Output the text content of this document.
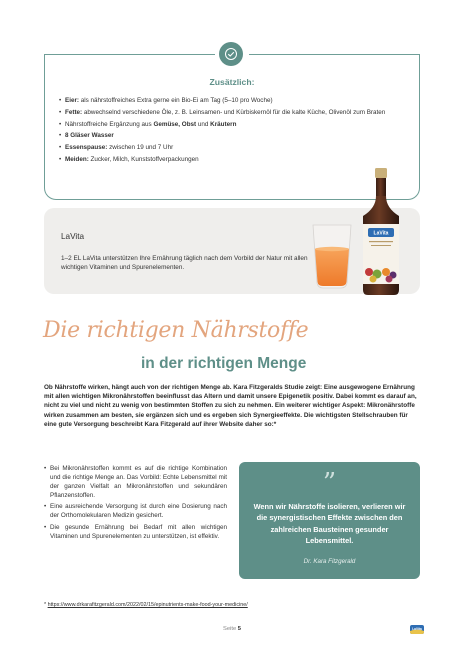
Zusätzlich:
• Eier: als nährstoffreiches Extra gerne ein Bio-Ei am Tag (5–10 pro Woche)
• Fette: abwechselnd verschiedene Öle, z. B. Leinsamen- und Kürbiskernöl für die kalte Küche, Olivenöl zum Braten
• Nährstoffreiche Ergänzung aus Gemüse, Obst und Kräutern
• 8 Gläser Wasser
• Essenspause: zwischen 19 und 7 Uhr
• Meiden: Zucker, Milch, Kunststoffverpackungen
LaVita
1–2 EL LaVita unterstützen Ihre Ernährung täglich nach dem Vorbild der Natur mit allen wichtigen Vitaminen und Spurenelementen.
LaVita
Die richtigen Nährstoffe
in der richtigen Menge

Ob Nährstoffe wirken, hängt auch von der richtigen Menge ab. Kara Fitzgeralds Studie zeigt: Eine ausgewogene Ernährung mit allen wichtigen Mikronährstoffen beeinflusst das Altern und damit unsere Epigenetik positiv. Dabei kommt es darauf an, nicht zu viel und nicht zu wenig von bestimmten Stoffen zu sich zu nehmen. Ein weiterer wichtiger Aspekt: Mikronährstoffe wirken zusammen am besten, sie ergänzen sich und es ergeben sich Synergieeffekte. Die wichtigsten Stellschrauben für eine gute Versorgung beschreibt Kara Fitzgerald auf ihrer Website daher so:*

• Bei Mikronährstoffen kommt es auf die richtige Kombination und die richtige Menge an. Das Vorbild: Echte Lebensmittel mit der ganzen Vielfalt an Mikronährstoffen und sekundären Pflanzenstoffen.
• Eine ausreichende Versorgung ist durch eine Dosierung nach der Orthomolekularen Medizin gesichert.
• Die gesunde Ernährung bei Bedarf mit allen wichtigen Vitaminen und Spurenelementen zu unterstützen, ist effektiv.
”
Wenn wir Nährstoffe isolieren, verlieren wir die synergistischen Effekte zwischen den zahlreichen Bausteinen gesunder Lebensmittel.
Dr. Kara Fitzgerald
* https://www.drkarafitzgerald.com/2022/02/15/epinutrients-make-food-your-medicine/
Seite 5	LaVita
